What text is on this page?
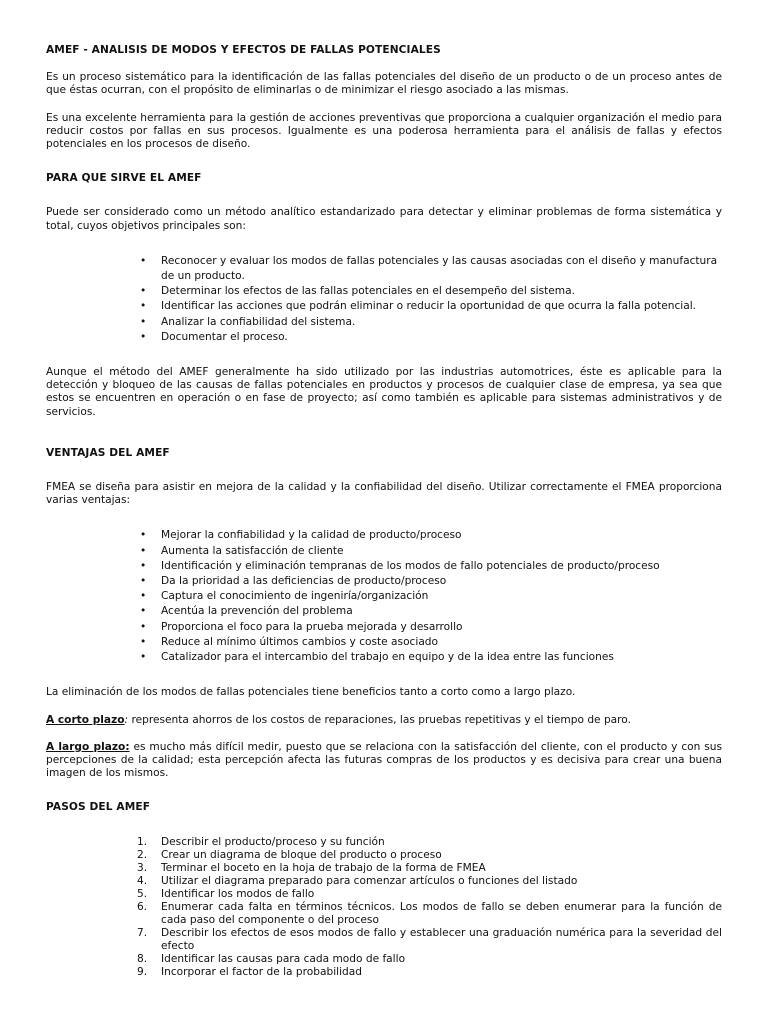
AMEF - ANALISIS DE MODOS Y EFECTOS DE FALLAS POTENCIALES

Es un proceso sistemático para la identificación de las fallas potenciales del diseño de un producto o de un proceso antes de que éstas ocurran, con el propósito de eliminarlas o de minimizar el riesgo asociado a las mismas.

Es una excelente herramienta para la gestión de acciones preventivas que proporciona a cualquier organización el medio para reducir costos por fallas en sus procesos. Igualmente es una poderosa herramienta para el análisis de fallas y efectos potenciales en los procesos de diseño.

PARA QUE SIRVE EL AMEF

Puede ser considerado como un método analítico estandarizado para detectar y eliminar problemas de forma sistemática y total, cuyos objetivos principales son:

• Reconocer y evaluar los modos de fallas potenciales y las causas asociadas con el diseño y manufactura de un producto.
• Determinar los efectos de las fallas potenciales en el desempeño del sistema.
• Identificar las acciones que podrán eliminar o reducir la oportunidad de que ocurra la falla potencial.
• Analizar la confiabilidad del sistema.
• Documentar el proceso.

Aunque el método del AMEF generalmente ha sido utilizado por las industrias automotrices, éste es aplicable para la detección y bloqueo de las causas de fallas potenciales en productos y procesos de cualquier clase de empresa, ya sea que estos se encuentren en operación o en fase de proyecto; así como también es aplicable para sistemas administrativos y de servicios.

VENTAJAS DEL AMEF

FMEA se diseña para asistir en mejora de la calidad y la confiabilidad del diseño. Utilizar correctamente el FMEA proporciona varias ventajas:

• Mejorar la confiabilidad y la calidad de producto/proceso
• Aumenta la satisfacción de cliente
• Identificación y eliminación tempranas de los modos de fallo potenciales de producto/proceso
• Da la prioridad a las deficiencias de producto/proceso
• Captura el conocimiento de ingeniría/organización
• Acentúa la prevención del problema
• Proporciona el foco para la prueba mejorada y desarrollo
• Reduce al mínimo últimos cambios y coste asociado
• Catalizador para el intercambio del trabajo en equipo y de la idea entre las funciones

La eliminación de los modos de fallas potenciales tiene beneficios tanto a corto como a largo plazo.

A corto plazo: representa ahorros de los costos de reparaciones, las pruebas repetitivas y el tiempo de paro.

A largo plazo: es mucho más difícil medir, puesto que se relaciona con la satisfacción del cliente, con el producto y con sus percepciones de la calidad; esta percepción afecta las futuras compras de los productos y es decisiva para crear una buena imagen de los mismos.

PASOS DEL AMEF
1. Describir el producto/proceso y su función
2. Crear un diagrama de bloque del producto o proceso
3. Terminar el boceto en la hoja de trabajo de la forma de FMEA
4. Utilizar el diagrama preparado para comenzar artículos o funciones del listado
5. Identificar los modos de fallo
6. Enumerar cada falta en términos técnicos. Los modos de fallo se deben enumerar para la función de cada paso del componente o del proceso
7. Describir los efectos de esos modos de fallo y establecer una graduación numérica para la severidad del efecto
8. Identificar las causas para cada modo de fallo
9. Incorporar el factor de la probabilidad
